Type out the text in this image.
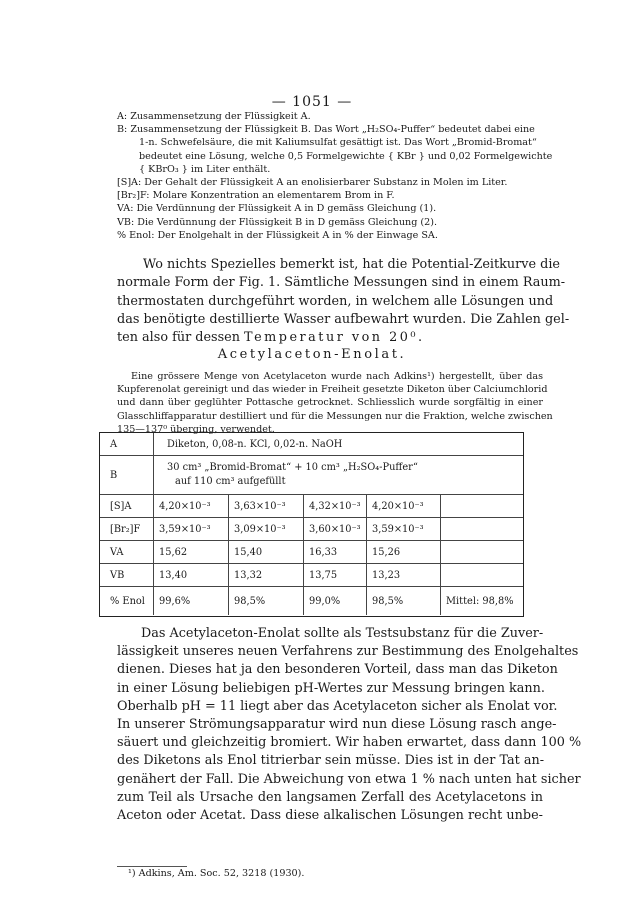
— 1051 —
A: Zusammensetzung der Flüssigkeit A.
B: Zusammensetzung der Flüssigkeit B. Das Wort „H₂SO₄-Puffer“ bedeutet dabei eine
1-n. Schwefelsäure, die mit Kaliumsulfat gesättigt ist. Das Wort „Bromid-Bromat“
bedeutet eine Lösung, welche 0,5 Formelgewichte { KBr } und 0,02 Formelgewichte
{ KBrO₃ } im Liter enthält.
[S]A: Der Gehalt der Flüssigkeit A an enolisierbarer Substanz in Molen im Liter.
[Br₂]F: Molare Konzentration an elementarem Brom in F.
VA: Die Verdünnung der Flüssigkeit A in D gemäss Gleichung (1).
VB: Die Verdünnung der Flüssigkeit B in D gemäss Gleichung (2).
% Enol: Der Enolgehalt in der Flüssigkeit A in % der Einwage SA.
Wo nichts Spezielles bemerkt ist, hat die Potential-Zeitkurve die
normale Form der Fig. 1. Sämtliche Messungen sind in einem Raum-
thermostaten durchgeführt worden, in welchem alle Lösungen und
das benötigte destillierte Wasser aufbewahrt wurden. Die Zahlen gel-
ten also für dessen Temperatur von 20⁰.
Acetylaceton-Enolat.
Eine grössere Menge von Acetylaceton wurde nach Adkins¹) hergestellt, über das
Kupferenolat gereinigt und das wieder in Freiheit gesetzte Diketon über Calciumchlorid
und dann über geglühter Pottasche getrocknet. Schliesslich wurde sorgfältig in einer
Glasschliffapparatur destilliert und für die Messungen nur die Fraktion, welche zwischen
135—137⁰ überging, verwendet.
A	Diketon, 0,08-n. KCl, 0,02-n. NaOH
B
30 cm³ „Bromid-Bromat“ + 10 cm³ „H₂SO₄-Puffer“
auf 110 cm³ aufgefüllt
[S]A	4,20×10⁻³	3,63×10⁻³	4,32×10⁻³	4,20×10⁻³
[Br₂]F	3,59×10⁻³	3,09×10⁻³	3,60×10⁻³	3,59×10⁻³
VA	15,62	15,40	16,33	15,26
VB	13,40	13,32	13,75	13,23
% Enol	99,6%	98,5%	99,0%	98,5%	Mittel: 98,8%
Das Acetylaceton-Enolat sollte als Testsubstanz für die Zuver-
lässigkeit unseres neuen Verfahrens zur Bestimmung des Enolgehaltes
dienen. Dieses hat ja den besonderen Vorteil, dass man das Diketon
in einer Lösung beliebigen pH-Wertes zur Messung bringen kann.
Oberhalb pH = 11 liegt aber das Acetylaceton sicher als Enolat vor.
In unserer Strömungsapparatur wird nun diese Lösung rasch ange-
säuert und gleichzeitig bromiert. Wir haben erwartet, dass dann 100 %
des Diketons als Enol titrierbar sein müsse. Dies ist in der Tat an-
genähert der Fall. Die Abweichung von etwa 1 % nach unten hat sicher
zum Teil als Ursache den langsamen Zerfall des Acetylacetons in
Aceton oder Acetat. Dass diese alkalischen Lösungen recht unbe-
¹) Adkins, Am. Soc. 52, 3218 (1930).
